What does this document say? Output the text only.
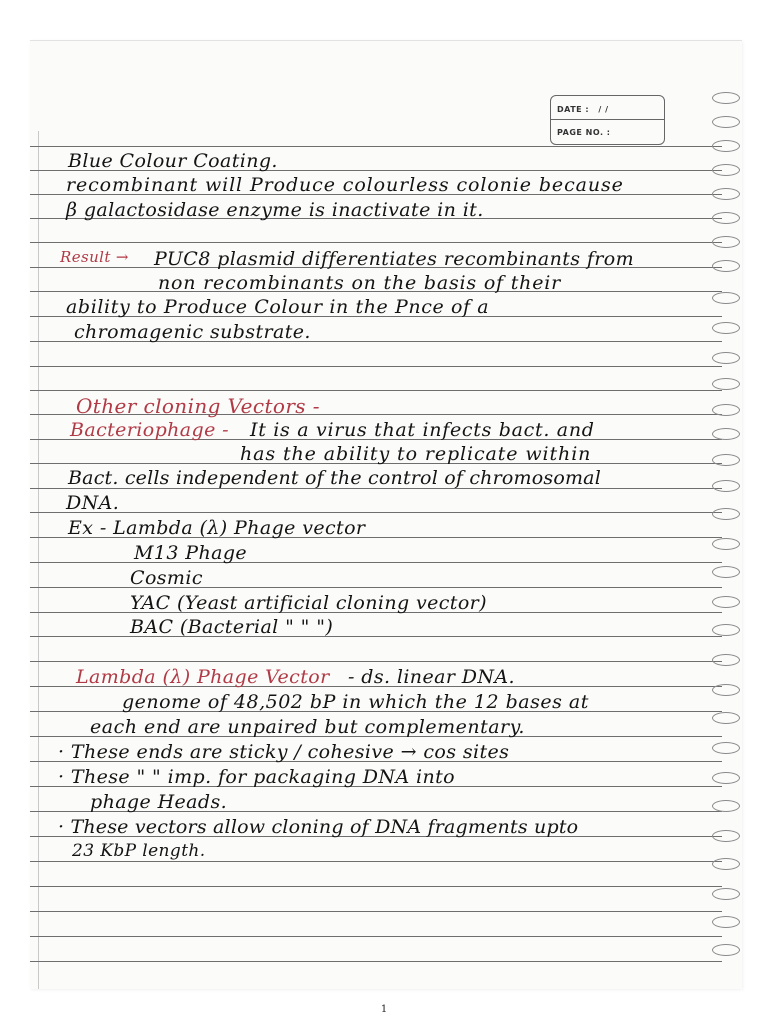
DATE : / /
PAGE NO. :
Blue Colour Coating.
recombinant will Produce colourless colonie because
β galactosidase enzyme is inactivate in it.
Result → PUC8 plasmid differentiates recombinants from
non recombinants on the basis of their
ability to Produce Colour in the Pnce of a
chromagenic substrate.
Other cloning Vectors -
Bacteriophage - It is a virus that infects bact. and
has the ability to replicate within
Bact. cells independent of the control of chromosomal
DNA.
Ex - Lambda (λ) Phage vector
M13 Phage
Cosmic
YAC (Yeast artificial cloning vector)
BAC (Bacterial " " ")
Lambda (λ) Phage Vector - ds. linear DNA.
genome of 48,502 bP in which the 12 bases at
each end are unpaired but complementary.
· These ends are sticky / cohesive → cos sites
· These " " imp. for packaging DNA into
phage Heads.
· These vectors allow cloning of DNA fragments upto
23 KbP length.
1
